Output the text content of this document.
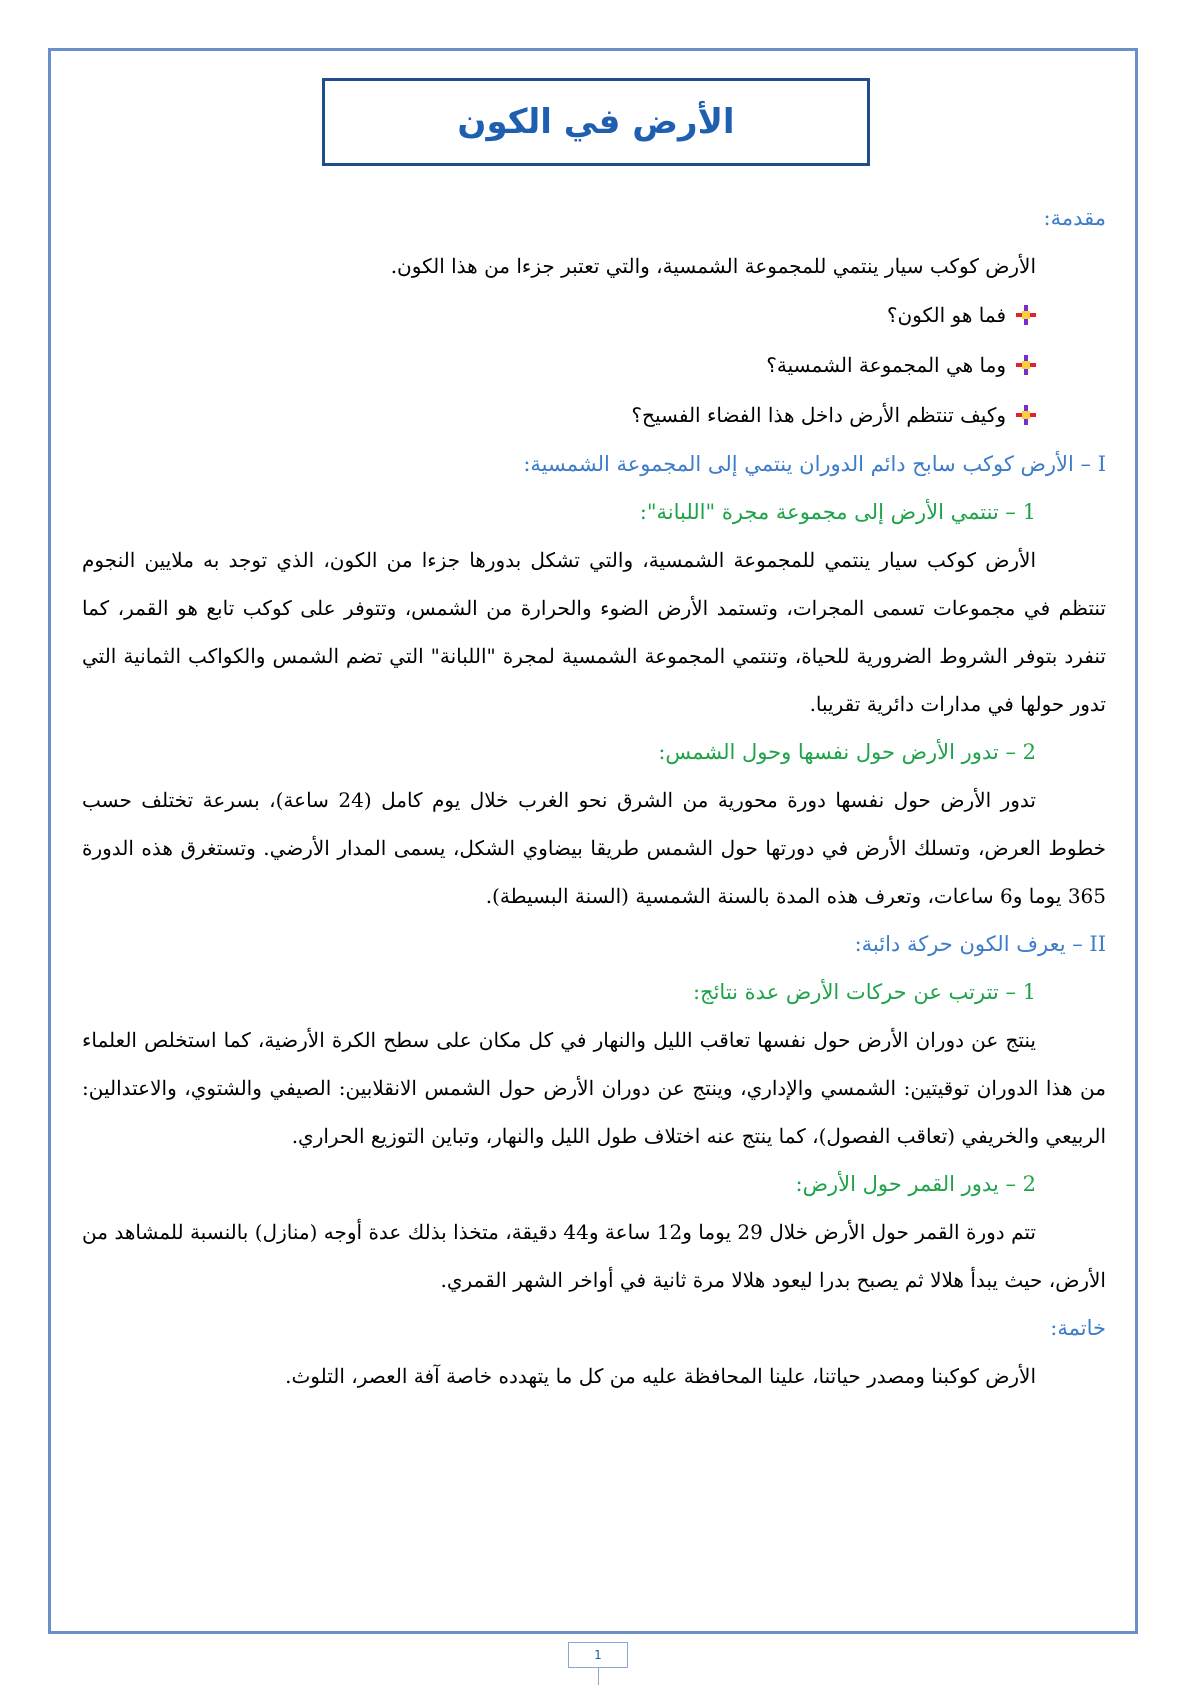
الأرض في الكون

مقدمة:

الأرض كوكب سيار ينتمي للمجموعة الشمسية، والتي تعتبر جزءا من هذا الكون.

فما هو الكون؟
وما هي المجموعة الشمسية؟
وكيف تنتظم الأرض داخل هذا الفضاء الفسيح؟

I – الأرض كوكب سابح دائم الدوران ينتمي إلى المجموعة الشمسية:

1 – تنتمي الأرض إلى مجموعة مجرة "اللبانة":

الأرض كوكب سيار ينتمي للمجموعة الشمسية، والتي تشكل بدورها جزءا من الكون، الذي توجد به ملايين النجوم تنتظم في مجموعات تسمى المجرات، وتستمد الأرض الضوء والحرارة من الشمس، وتتوفر على كوكب تابع هو القمر، كما تنفرد بتوفر الشروط الضرورية للحياة، وتنتمي المجموعة الشمسية لمجرة "اللبانة" التي تضم الشمس والكواكب الثمانية التي تدور حولها في مدارات دائرية تقريبا.

2 – تدور الأرض حول نفسها وحول الشمس:

تدور الأرض حول نفسها دورة محورية من الشرق نحو الغرب خلال يوم كامل (24 ساعة)، بسرعة تختلف حسب خطوط العرض، وتسلك الأرض في دورتها حول الشمس طريقا بيضاوي الشكل، يسمى المدار الأرضي. وتستغرق هذه الدورة 365 يوما و6 ساعات، وتعرف هذه المدة بالسنة الشمسية (السنة البسيطة).

II – يعرف الكون حركة دائبة:

1 – تترتب عن حركات الأرض عدة نتائج:

ينتج عن دوران الأرض حول نفسها تعاقب الليل والنهار في كل مكان على سطح الكرة الأرضية، كما استخلص العلماء من هذا الدوران توقيتين: الشمسي والإداري، وينتج عن دوران الأرض حول الشمس الانقلابين: الصيفي والشتوي، والاعتدالين: الربيعي والخريفي (تعاقب الفصول)، كما ينتج عنه اختلاف طول الليل والنهار، وتباين التوزيع الحراري.

2 – يدور القمر حول الأرض:

تتم دورة القمر حول الأرض خلال 29 يوما و12 ساعة و44 دقيقة، متخذا بذلك عدة أوجه (منازل) بالنسبة للمشاهد من الأرض، حيث يبدأ هلالا ثم يصبح بدرا ليعود هلالا مرة ثانية في أواخر الشهر القمري.

خاتمة:

الأرض كوكبنا ومصدر حياتنا، علينا المحافظة عليه من كل ما يتهدده خاصة آفة العصر، التلوث.

1
